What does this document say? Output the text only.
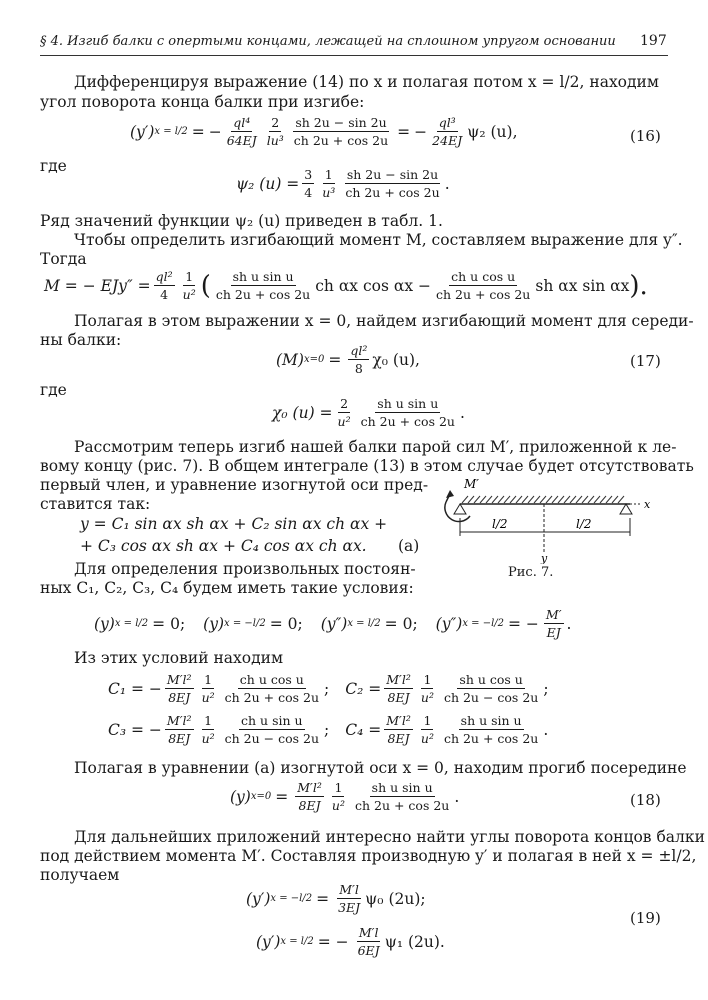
§ 4. Изгиб балки с опертыми концами, лежащей на сплошном упругом основании 197
Дифференцируя выражение (14) по x и полагая потом x = l/2, находим
угол поворота конца балки при изгибе:
(y′) x = l/2 = − $\frac{\text{ql⁴}}{64EJ} 2$
$lu^3 \frac{sh 2u - \sin 2u}{ch 2u + \cos 2u}$ = − $\frac{\text{ql³}}{24EJ} \psi_2$ (u),	(16)
где
ψ₂ $(u) = \frac{3}{4} 1$
u³
sh 2u − sin 2u
ch 2u + cos 2u .
Ряд значений функции ψ₂ (u) приведен в табл. 1.
Чтобы определить изгибающий момент M, составляем выражение для y″.
Тогда
M = − $EJy'' = \frac{\text{ql²}}{4} 1$
u² ( sh u sin u
ch 2u + cos 2u ch αx $\cos \alpha x - \frac{\text{ch u cos u}}{ch 2u + \cos 2u}$ sh αx sin αx ).
Полагая в этом выражении x = 0, найдем изгибающий момент для середи-
ны балки:
(M) $x=0 = \frac{\text{ql²}}{8} \chi_0$ (u),	(17)
где
χ₀ $(u) = \frac{2}{\text{u²}}$ sh u sin u
ch 2u + cos 2u .
Рассмотрим теперь изгиб нашей балки парой сил M′, приложенной к ле-
вому концу (рис. 7). В общем интеграле (13) в этом случае будет отсутствовать
первый член, и уравнение изогнутой оси пред-
ставится так:
y = C₁ sin αx sh αx + C₂ sin αx ch αx +
+ C₃ cos αx sh αx + C₄ cos αx ch αx. (a)
x
M′
l/2	l/2
y
Рис. 7.
Для определения произвольных постоян-
ных C₁, C₂, C₃, C₄ будем иметь такие условия:
(y) x = l/2 = 0; (y) x = −l/2 = 0; (y″) x = l/2 = 0; (y″) x = −l/2 = − $\frac{M'}{EJ}$ .
Из этих условий находим
C₁ = − $\frac{\text{M′l²}}{8EJ} 1$
u²
ch u cos u
ch 2u + cos 2u ; $C_2 = \frac{\text{M′l²}}{8EJ} 1$
u²
sh u cos u
ch 2u − cos 2u ;
C₃ = − $\frac{\text{M′l²}}{8EJ} 1$
u²
ch u sin u
ch 2u − cos 2u ; $C_4 = \frac{\text{M′l²}}{8EJ} 1$
u²
sh u sin u
ch 2u + cos 2u .
Полагая в уравнении (a) изогнутой оси x = 0, находим прогиб посередине
(y) $x=0 = \frac{\text{M′l²}}{8EJ} 1$
u²
sh u sin u
ch 2u + cos 2u .	(18)
Для дальнейших приложений интересно найти углы поворота концов балки
под действием момента M′. Составляя производную y′ и полагая в ней x = ±l/2,
получаем
(y′) $x = -l/2 = \frac{M'l}{3EJ} \psi_0$ (2u);
(y′) x = l/2 = − $\frac{M'l}{6EJ} \psi_1$ (2u).
(19)
